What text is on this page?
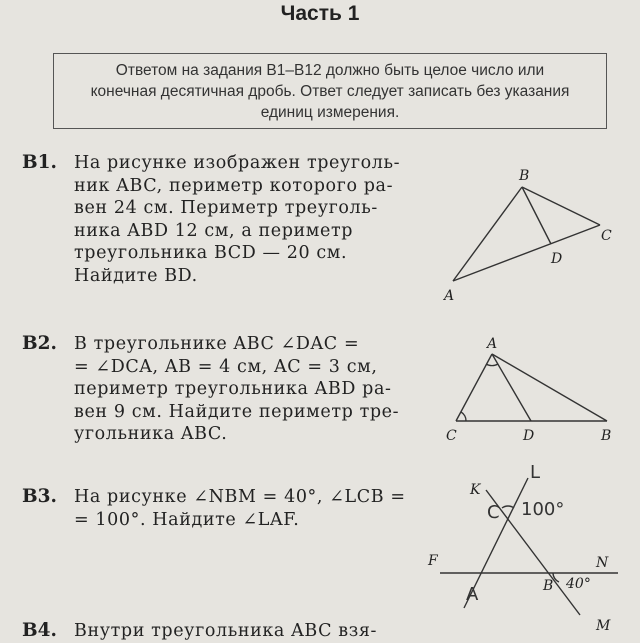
Часть 1
Ответом на задания В1–В12 должно быть целое число или
конечная десятичная дробь. Ответ следует записать без указания
единиц измерения.
B1. На рисунке изображен треуголь-
ник ABC, периметр которого ра-
вен 24 см. Периметр треуголь-
ника ABD 12 см, а периметр
треугольника BCD — 20 см.
Найдите BD.
B
C
D
A
B2. В треугольнике ABC ∠DAC =
= ∠DCA, AB = 4 см, AC = 3 см,
периметр треугольника ABD ра-
вен 9 см. Найдите периметр тре-
угольника ABC.
A
C	D	B
B3. На рисунке ∠NBM = 40°, ∠LCB =
= 100°. Найдите ∠LAF.
K
L
C 100°
F
A
N
B 40°
M
B4. Внутри треугольника ABC взя-
